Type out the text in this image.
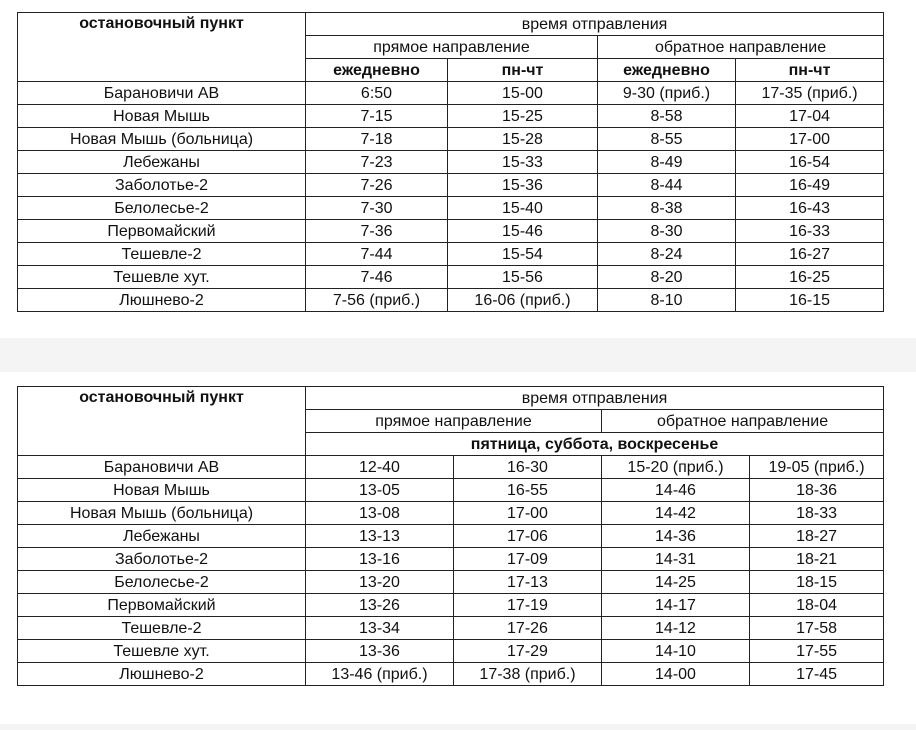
остановочный пункт	время отправления			
	прямое направление		обратное направление	
	ежедневно	пн-чт	ежедневно	пн-чт
Барановичи АВ	6:50	15-00	9-30 (приб.)	17-35 (приб.)
Новая Мышь	7-15	15-25	8-58	17-04
Новая Мышь (больница)	7-18	15-28	8-55	17-00
Лебежаны	7-23	15-33	8-49	16-54
Заболотье-2	7-26	15-36	8-44	16-49
Белолесье-2	7-30	15-40	8-38	16-43
Первомайский	7-36	15-46	8-30	16-33
Тешевле-2	7-44	15-54	8-24	16-27
Тешевле хут.	7-46	15-56	8-20	16-25
Люшнево-2	7-56 (приб.)	16-06 (приб.)	8-10	16-15
остановочный пункт	время отправления			
	прямое направление		обратное направление	
	пятница, суббота, воскресенье			
Барановичи АВ	12-40	16-30	15-20 (приб.)	19-05 (приб.)
Новая Мышь	13-05	16-55	14-46	18-36
Новая Мышь (больница)	13-08	17-00	14-42	18-33
Лебежаны	13-13	17-06	14-36	18-27
Заболотье-2	13-16	17-09	14-31	18-21
Белолесье-2	13-20	17-13	14-25	18-15
Первомайский	13-26	17-19	14-17	18-04
Тешевле-2	13-34	17-26	14-12	17-58
Тешевле хут.	13-36	17-29	14-10	17-55
Люшнево-2	13-46 (приб.)	17-38 (приб.)	14-00	17-45
